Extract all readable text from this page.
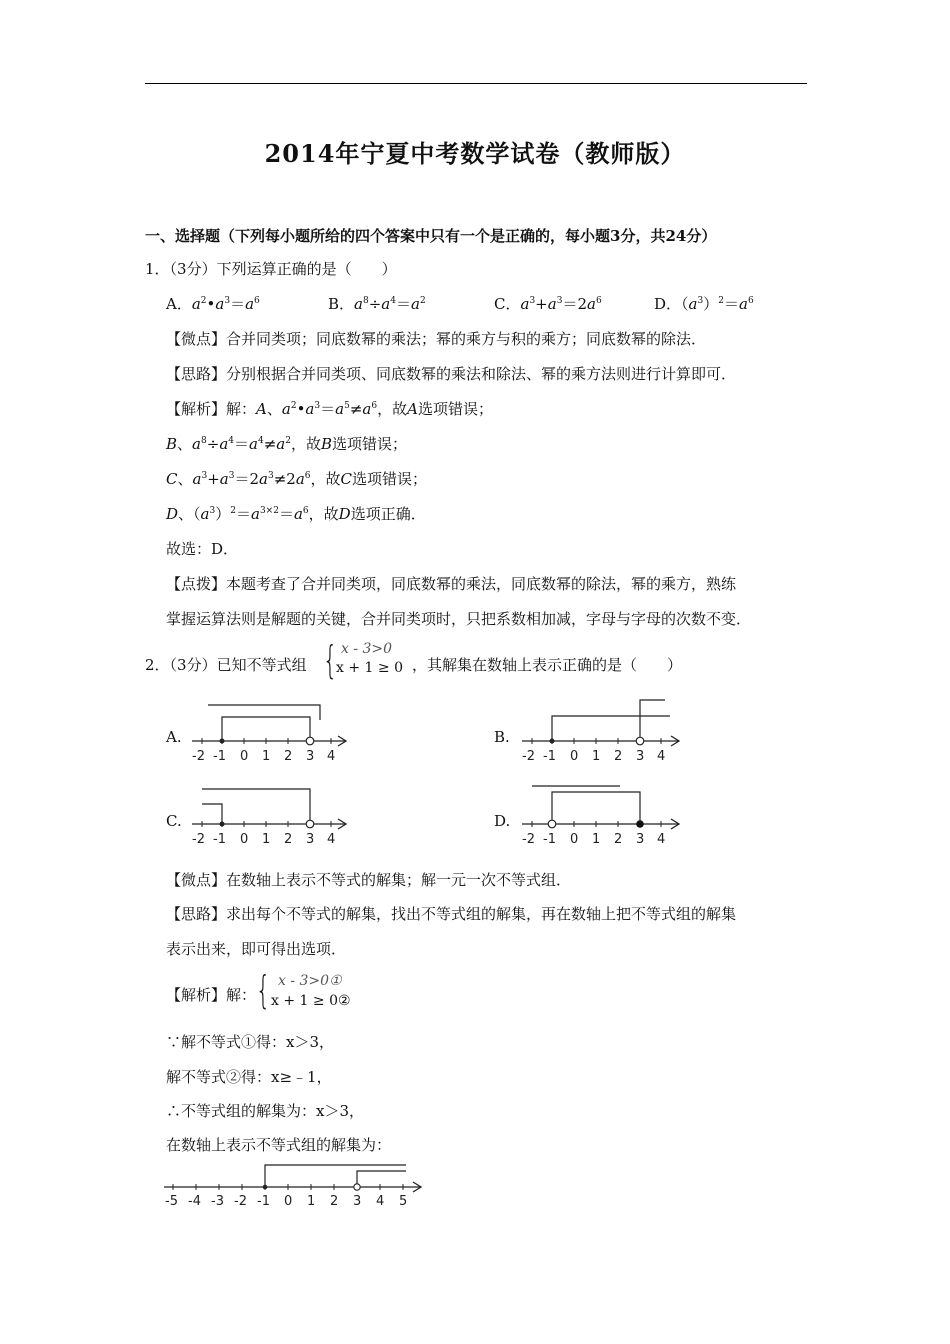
2014年宁夏中考数学试卷（教师版）
一、选择题（下列每小题所给的四个答案中只有一个是正确的，每小题3分，共24分）
1．（3分）下列运算正确的是（　　）
A．$a^2•a^3=a^6$	B．$a^8\div a^4=a^2$	C．$a^3+a^3=2a^6$	D．$(a^3)^2=a^6$
【微点】合并同类项；同底数幂的乘法；幂的乘方与积的乘方；同底数幂的除法．
【思路】分别根据合并同类项、同底数幂的乘法和除法、幂的乘方法则进行计算即可．
【解析】解：A、$a^2•a^3=a^5\ne a^6$，故A选项错误；
B、$a^8\div a^4=a^4\ne a^2$，故B选项错误；
C、$a^3+a^3=2a^3\ne 2a^6$，故C选项错误；
D、$(a^3)^2=a^{3\times 2}=a^6$，故D选项正确．
故选：D．
【点拨】本题考查了合并同类项，同底数幂的乘法，同底数幂的除法，幂的乘方，熟练
掌握运算法则是解题的关键，合并同类项时，只把系数相加减，字母与字母的次数不变．
2．（3分）已知不等式组 { x - 3>0
x + 1 ≥ 0 ，其解集在数轴上表示正确的是（　　）
A.	B.
C.	D.
-2 -1 0 1 2 3 4	-2 -1 0 1 2 3 4
-2 -1 0 1 2 3 4	-2 -1 0 1 2 3 4
【微点】在数轴上表示不等式的解集；解一元一次不等式组．
【思路】求出每个不等式的解集，找出不等式组的解集，再在数轴上把不等式组的解集
表示出来，即可得出选项．
【解析】解： { x - 3>0①
x + 1 ≥ 0②
∵解不等式①得：x＞3，
解不等式②得：x≥﹣1，
∴不等式组的解集为：x＞3，
在数轴上表示不等式组的解集为：
-5 -4 -3 -2 -1 0 1 2 3 4 5
